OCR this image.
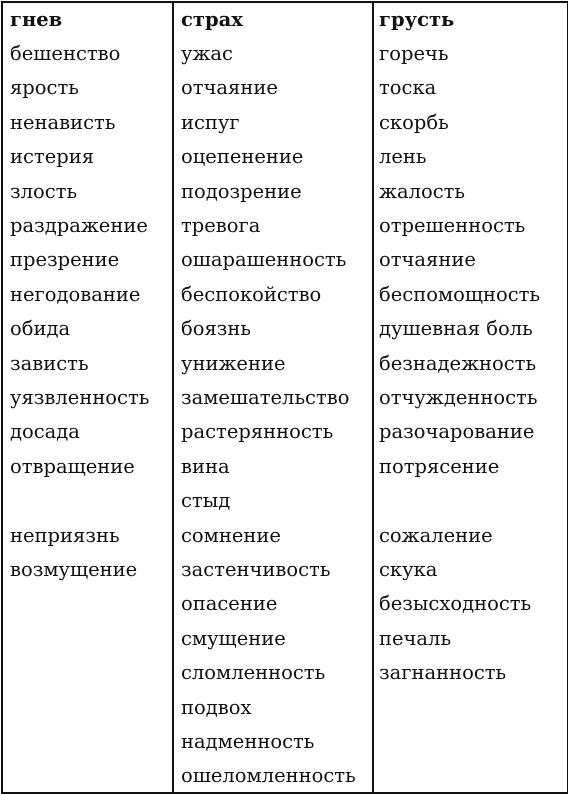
гнев
бешенство
ярость
ненависть
истерия
злость
раздражение
презрение
негодование
обида
зависть
уязвленность
досада
отвращение
неприязнь
возмущение
страх
ужас
отчаяние
испуг
оцепенение
подозрение
тревога
ошарашенность
беспокойство
боязнь
унижение
замешательство
растерянность
вина
стыд
сомнение
застенчивость
опасение
смущение
сломленность
подвох
надменность
ошеломленность
грусть
горечь
тоска
скорбь
лень
жалость
отрешенность
отчаяние
беспомощность
душевная боль
безнадежность
отчужденность
разочарование
потрясение
сожаление
скука
безысходность
печаль
загнанность
